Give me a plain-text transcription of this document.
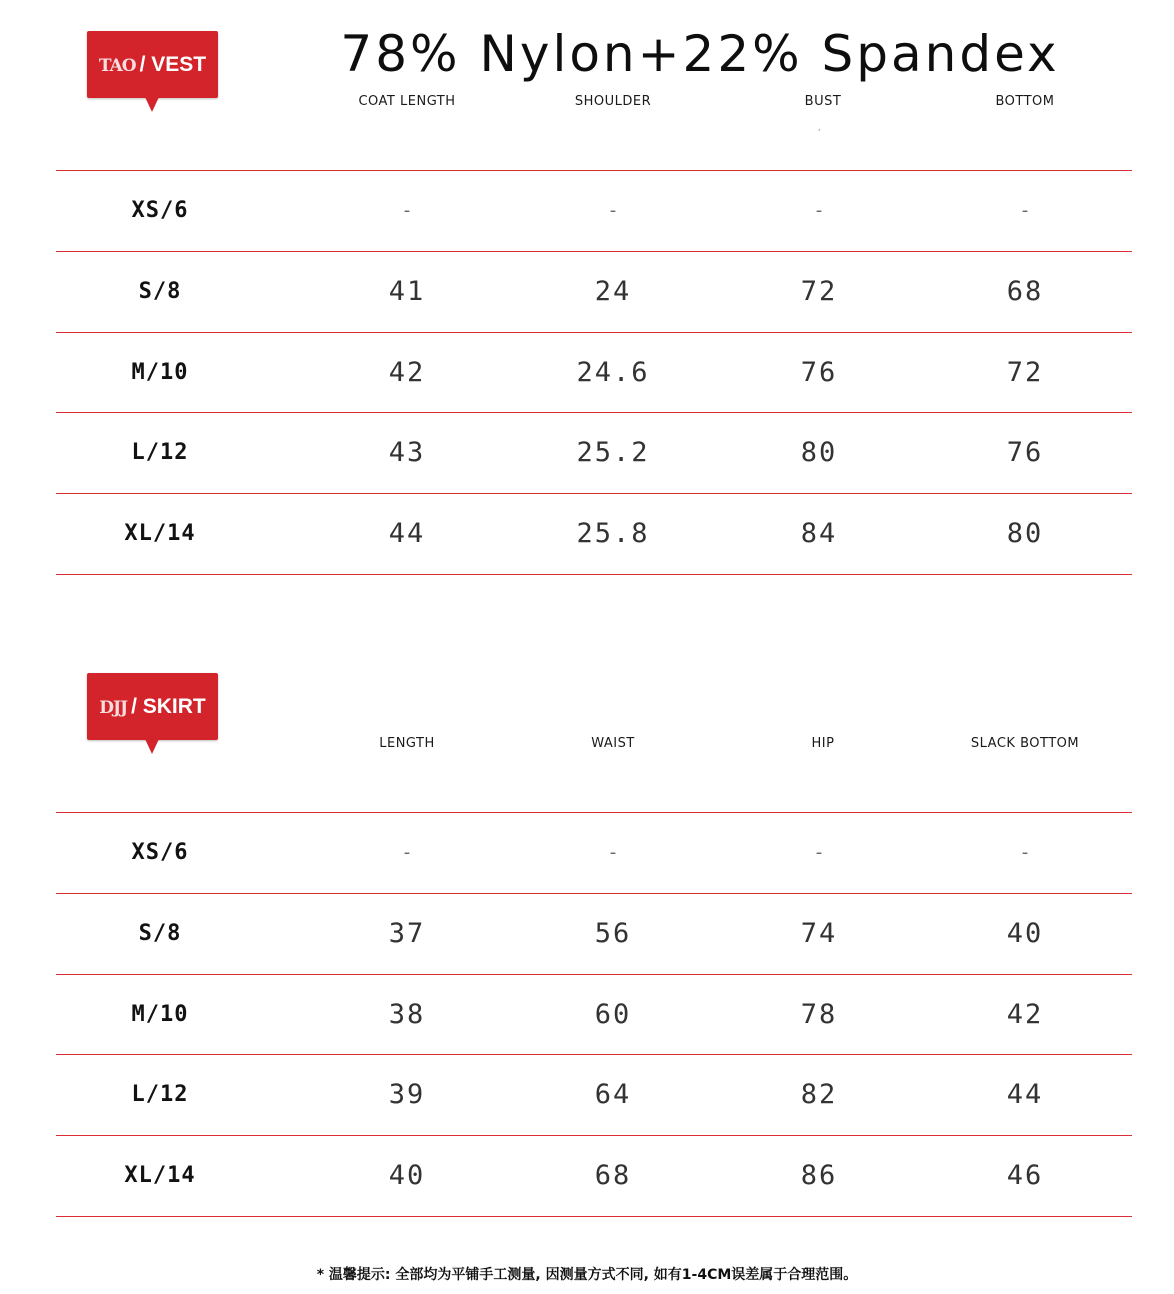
78% Nylon+22% Spandex
TAO / VEST
COAT LENGTH	SHOULDER	BUST	BOTTOM
ʹ
XS/6	-	-	-	-
S/8	41	24	72	68
M/10	42	24.6	76	72
L/12	43	25.2	80	76
XL/14	44	25.8	84	80
DJJ / SKIRT
LENGTH	WAIST	HIP	SLACK BOTTOM
XS/6	-	-	-	-
S/8	37	56	74	40
M/10	38	60	78	42
L/12	39	64	82	44
XL/14	40	68	86	46
* 温馨提示: 全部均为平铺手工测量, 因测量方式不同, 如有1-4CM误差属于合理范围。
